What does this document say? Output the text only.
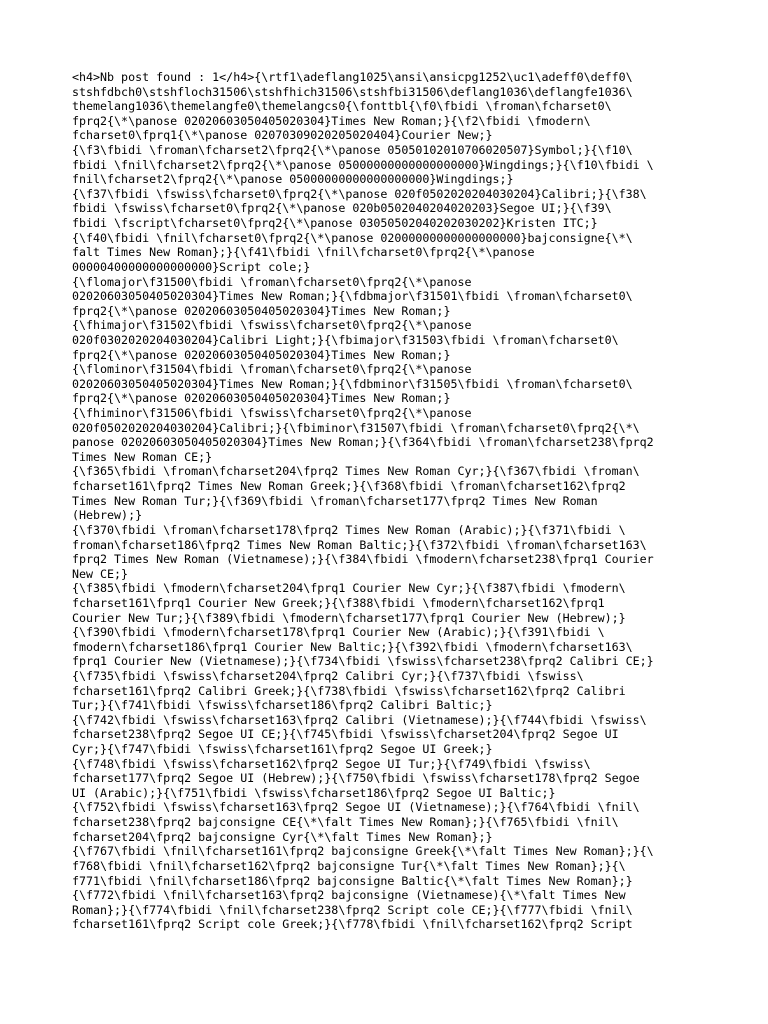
<h4>Nb post found : 1</h4>{\rtf1\adeflang1025\ansi\ansicpg1252\uc1\adeff0\deff0\
stshfdbch0\stshfloch31506\stshfhich31506\stshfbi31506\deflang1036\deflangfe1036\
themelang1036\themelangfe0\themelangcs0{\fonttbl{\f0\fbidi \froman\fcharset0\
fprq2{\*\panose 02020603050405020304}Times New Roman;}{\f2\fbidi \fmodern\
fcharset0\fprq1{\*\panose 02070309020205020404}Courier New;}
{\f3\fbidi \froman\fcharset2\fprq2{\*\panose 05050102010706020507}Symbol;}{\f10\
fbidi \fnil\fcharset2\fprq2{\*\panose 05000000000000000000}Wingdings;}{\f10\fbidi \
fnil\fcharset2\fprq2{\*\panose 05000000000000000000}Wingdings;}
{\f37\fbidi \fswiss\fcharset0\fprq2{\*\panose 020f0502020204030204}Calibri;}{\f38\
fbidi \fswiss\fcharset0\fprq2{\*\panose 020b0502040204020203}Segoe UI;}{\f39\
fbidi \fscript\fcharset0\fprq2{\*\panose 03050502040202030202}Kristen ITC;}
{\f40\fbidi \fnil\fcharset0\fprq2{\*\panose 02000000000000000000}bajconsigne{\*\
falt Times New Roman};}{\f41\fbidi \fnil\fcharset0\fprq2{\*\panose
00000400000000000000}Script cole;}
{\flomajor\f31500\fbidi \froman\fcharset0\fprq2{\*\panose
02020603050405020304}Times New Roman;}{\fdbmajor\f31501\fbidi \froman\fcharset0\
fprq2{\*\panose 02020603050405020304}Times New Roman;}
{\fhimajor\f31502\fbidi \fswiss\fcharset0\fprq2{\*\panose
020f0302020204030204}Calibri Light;}{\fbimajor\f31503\fbidi \froman\fcharset0\
fprq2{\*\panose 02020603050405020304}Times New Roman;}
{\flominor\f31504\fbidi \froman\fcharset0\fprq2{\*\panose
02020603050405020304}Times New Roman;}{\fdbminor\f31505\fbidi \froman\fcharset0\
fprq2{\*\panose 02020603050405020304}Times New Roman;}
{\fhiminor\f31506\fbidi \fswiss\fcharset0\fprq2{\*\panose
020f0502020204030204}Calibri;}{\fbiminor\f31507\fbidi \froman\fcharset0\fprq2{\*\
panose 02020603050405020304}Times New Roman;}{\f364\fbidi \froman\fcharset238\fprq2
Times New Roman CE;}
{\f365\fbidi \froman\fcharset204\fprq2 Times New Roman Cyr;}{\f367\fbidi \froman\
fcharset161\fprq2 Times New Roman Greek;}{\f368\fbidi \froman\fcharset162\fprq2
Times New Roman Tur;}{\f369\fbidi \froman\fcharset177\fprq2 Times New Roman
(Hebrew);}
{\f370\fbidi \froman\fcharset178\fprq2 Times New Roman (Arabic);}{\f371\fbidi \
froman\fcharset186\fprq2 Times New Roman Baltic;}{\f372\fbidi \froman\fcharset163\
fprq2 Times New Roman (Vietnamese);}{\f384\fbidi \fmodern\fcharset238\fprq1 Courier
New CE;}
{\f385\fbidi \fmodern\fcharset204\fprq1 Courier New Cyr;}{\f387\fbidi \fmodern\
fcharset161\fprq1 Courier New Greek;}{\f388\fbidi \fmodern\fcharset162\fprq1
Courier New Tur;}{\f389\fbidi \fmodern\fcharset177\fprq1 Courier New (Hebrew);}
{\f390\fbidi \fmodern\fcharset178\fprq1 Courier New (Arabic);}{\f391\fbidi \
fmodern\fcharset186\fprq1 Courier New Baltic;}{\f392\fbidi \fmodern\fcharset163\
fprq1 Courier New (Vietnamese);}{\f734\fbidi \fswiss\fcharset238\fprq2 Calibri CE;}
{\f735\fbidi \fswiss\fcharset204\fprq2 Calibri Cyr;}{\f737\fbidi \fswiss\
fcharset161\fprq2 Calibri Greek;}{\f738\fbidi \fswiss\fcharset162\fprq2 Calibri
Tur;}{\f741\fbidi \fswiss\fcharset186\fprq2 Calibri Baltic;}
{\f742\fbidi \fswiss\fcharset163\fprq2 Calibri (Vietnamese);}{\f744\fbidi \fswiss\
fcharset238\fprq2 Segoe UI CE;}{\f745\fbidi \fswiss\fcharset204\fprq2 Segoe UI
Cyr;}{\f747\fbidi \fswiss\fcharset161\fprq2 Segoe UI Greek;}
{\f748\fbidi \fswiss\fcharset162\fprq2 Segoe UI Tur;}{\f749\fbidi \fswiss\
fcharset177\fprq2 Segoe UI (Hebrew);}{\f750\fbidi \fswiss\fcharset178\fprq2 Segoe
UI (Arabic);}{\f751\fbidi \fswiss\fcharset186\fprq2 Segoe UI Baltic;}
{\f752\fbidi \fswiss\fcharset163\fprq2 Segoe UI (Vietnamese);}{\f764\fbidi \fnil\
fcharset238\fprq2 bajconsigne CE{\*\falt Times New Roman};}{\f765\fbidi \fnil\
fcharset204\fprq2 bajconsigne Cyr{\*\falt Times New Roman};}
{\f767\fbidi \fnil\fcharset161\fprq2 bajconsigne Greek{\*\falt Times New Roman};}{\
f768\fbidi \fnil\fcharset162\fprq2 bajconsigne Tur{\*\falt Times New Roman};}{\
f771\fbidi \fnil\fcharset186\fprq2 bajconsigne Baltic{\*\falt Times New Roman};}
{\f772\fbidi \fnil\fcharset163\fprq2 bajconsigne (Vietnamese){\*\falt Times New
Roman};}{\f774\fbidi \fnil\fcharset238\fprq2 Script cole CE;}{\f777\fbidi \fnil\
fcharset161\fprq2 Script cole Greek;}{\f778\fbidi \fnil\fcharset162\fprq2 Script
